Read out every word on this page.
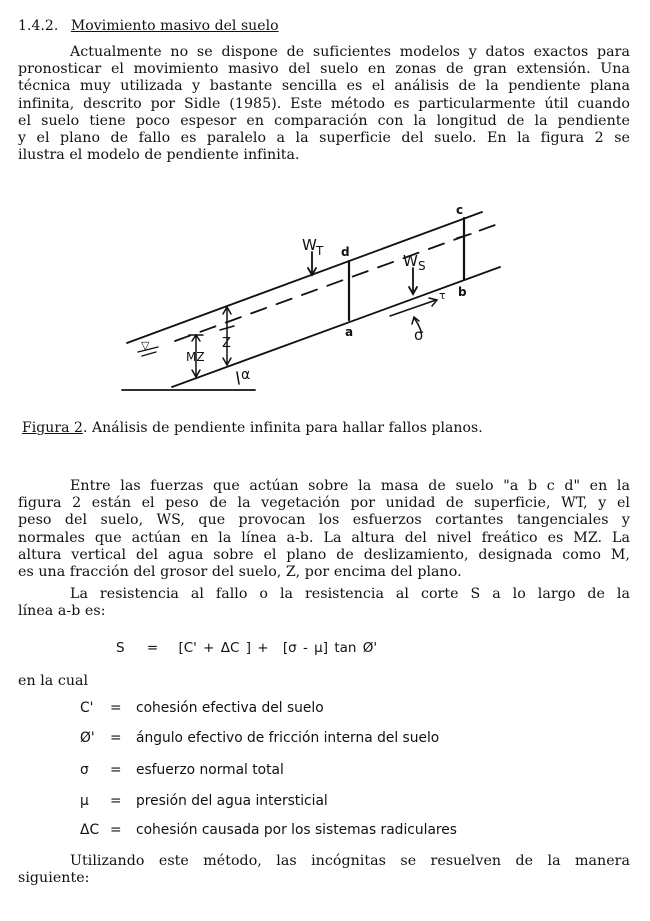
1.4.2. Movimiento masivo del suelo
Actualmente no se dispone de suficientes modelos y datos exactos para
pronosticar el movimiento masivo del suelo en zonas de gran extensión. Una
técnica muy utilizada y bastante sencilla es el análisis de la pendiente plana
infinita, descrito por Sidle (1985). Este método es particularmente útil cuando
el suelo tiene poco espesor en comparación con la longitud de la pendiente
y el plano de fallo es paralelo a la superficie del suelo. En la figura 2 se
ilustra el modelo de pendiente infinita.
▽
W T d
c
W S
b
a
τ
σ
Z
MZ
α
Figura 2. Análisis de pendiente infinita para hallar fallos planos.
Entre las fuerzas que actúan sobre la masa de suelo "a b c d" en la
figura 2 están el peso de la vegetación por unidad de superficie, WT, y el
peso del suelo, WS, que provocan los esfuerzos cortantes tangenciales y
normales que actúan en la línea a-b. La altura del nivel freático es MZ. La
altura vertical del agua sobre el plano de deslizamiento, designada como M,
es una fracción del grosor del suelo, Z, por encima del plano.
La resistencia al fallo o la resistencia al corte S a lo largo de la
línea a-b es:
S = [C' + ΔC ] + [σ - μ] tan Ø'
en la cual
C' = cohesión efectiva del suelo
Ø' = ángulo efectivo de fricción interna del suelo
σ = esfuerzo normal total
μ = presión del agua intersticial
ΔC = cohesión causada por los sistemas radiculares
Utilizando este método, las incógnitas se resuelven de la manera
siguiente:
